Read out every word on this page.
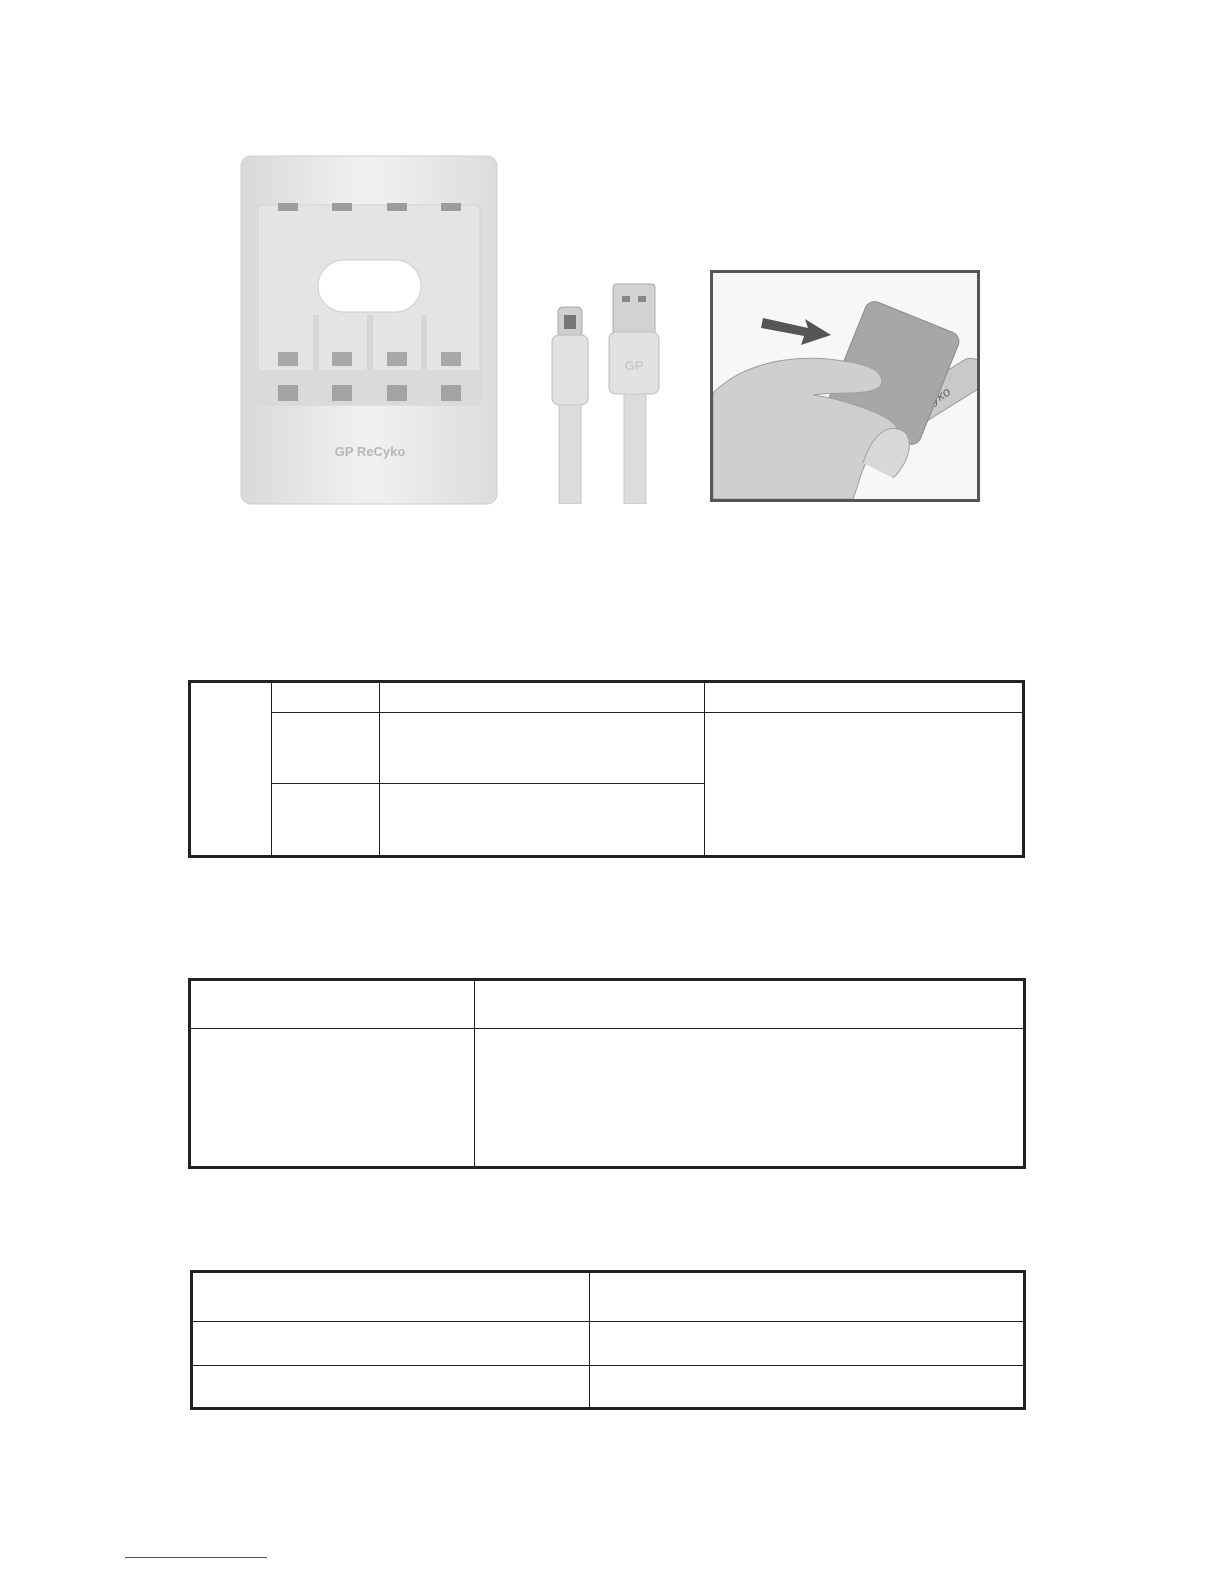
GP ReCyko
GP
